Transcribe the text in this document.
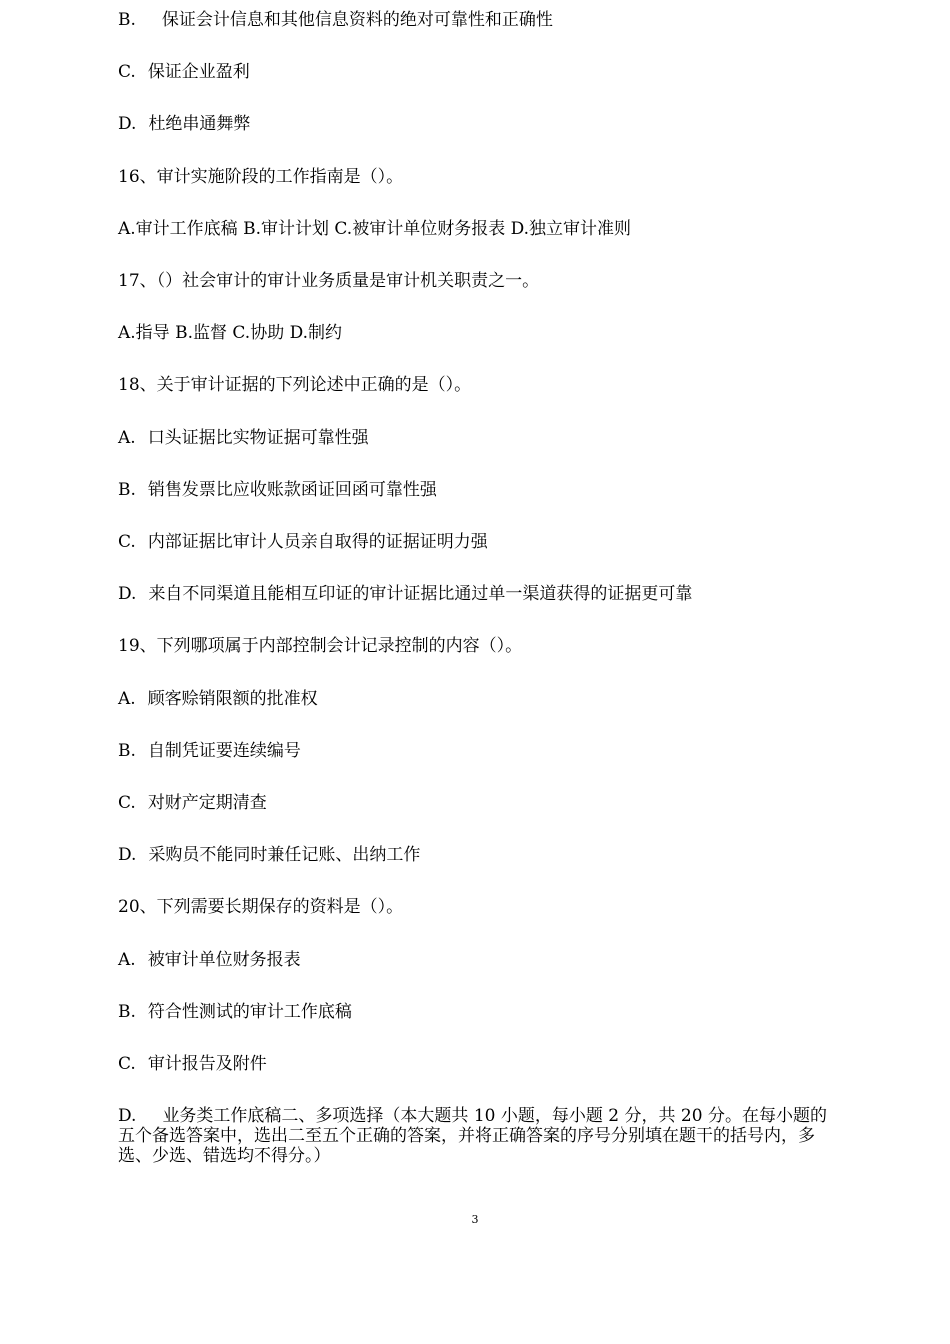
B. 保证会计信息和其他信息资料的绝对可靠性和正确性
C. 保证企业盈利
D. 杜绝串通舞弊
16、审计实施阶段的工作指南是（）。
A.审计工作底稿 B.审计计划 C.被审计单位财务报表 D.独立审计准则
17、（）社会审计的审计业务质量是审计机关职责之一。
A.指导 B.监督 C.协助 D.制约
18、关于审计证据的下列论述中正确的是（）。
A. 口头证据比实物证据可靠性强
B. 销售发票比应收账款函证回函可靠性强
C. 内部证据比审计人员亲自取得的证据证明力强
D. 来自不同渠道且能相互印证的审计证据比通过单一渠道获得的证据更可靠
19、下列哪项属于内部控制会计记录控制的内容（）。
A. 顾客赊销限额的批准权
B. 自制凭证要连续编号
C. 对财产定期清查
D. 采购员不能同时兼任记账、出纳工作
20、下列需要长期保存的资料是（）。
A. 被审计单位财务报表
B. 符合性测试的审计工作底稿
C. 审计报告及附件
D. 业务类工作底稿二、多项选择（本大题共 10 小题，每小题 2 分，共 20 分。在每小题的五个备选答案中，选出二至五个正确的答案，并将正确答案的序号分别填在题干的括号内，多选、少选、错选均不得分。）
3
